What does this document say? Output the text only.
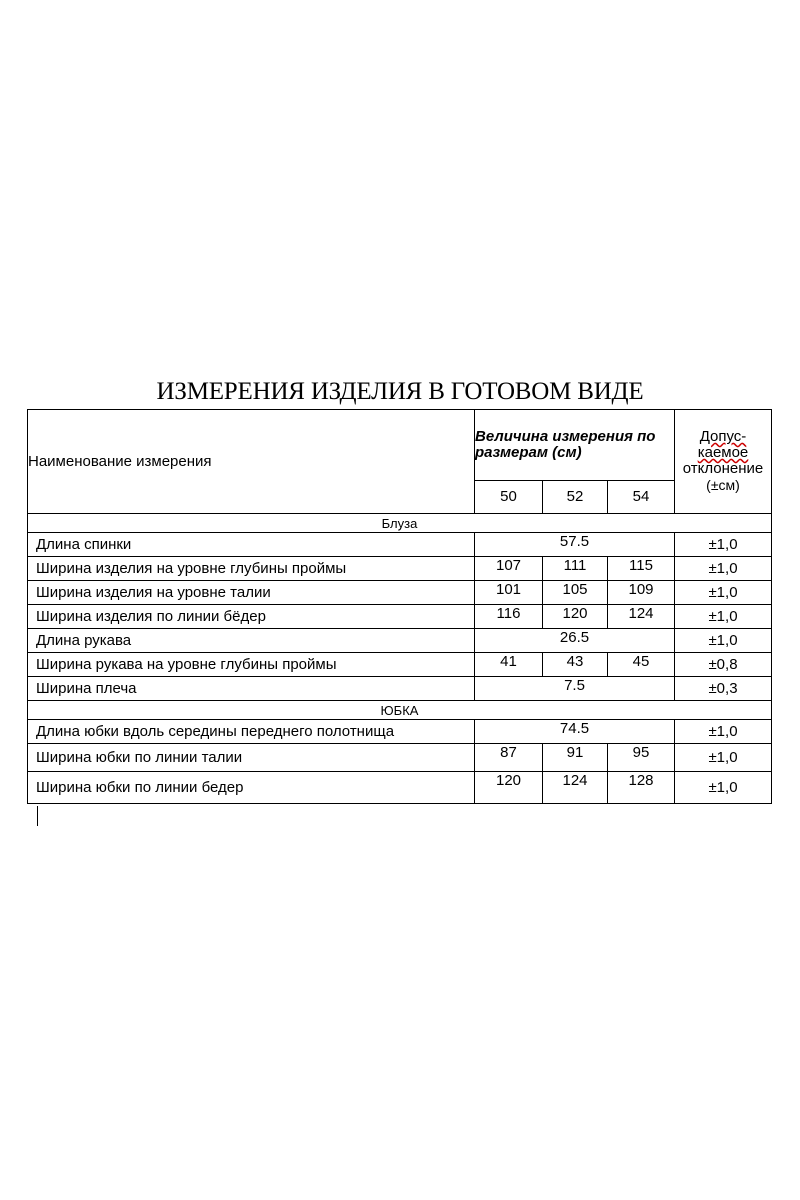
ИЗМЕРЕНИЯ ИЗДЕЛИЯ В ГОТОВОМ ВИДЕ
Наименование измерения	Величина измерения по размерам (см)			Допус-
каемое
отклонение
(±см)
	50	52	54	
Блуза				
Длина спинки	57.5			±1,0
Ширина изделия на уровне глубины проймы	107	111	115	±1,0
Ширина изделия на уровне талии	101	105	109	±1,0
Ширина изделия по линии бёдер	116	120	124	±1,0
Длина рукава	26.5			±1,0
Ширина рукава на уровне глубины проймы	41	43	45	±0,8
Ширина плеча	7.5			±0,3
ЮБКА				
Длина юбки вдоль середины переднего полотнища	74.5			±1,0
Ширина юбки по линии талии	87	91	95	±1,0
Ширина юбки по линии бедер	120	124	128	±1,0
